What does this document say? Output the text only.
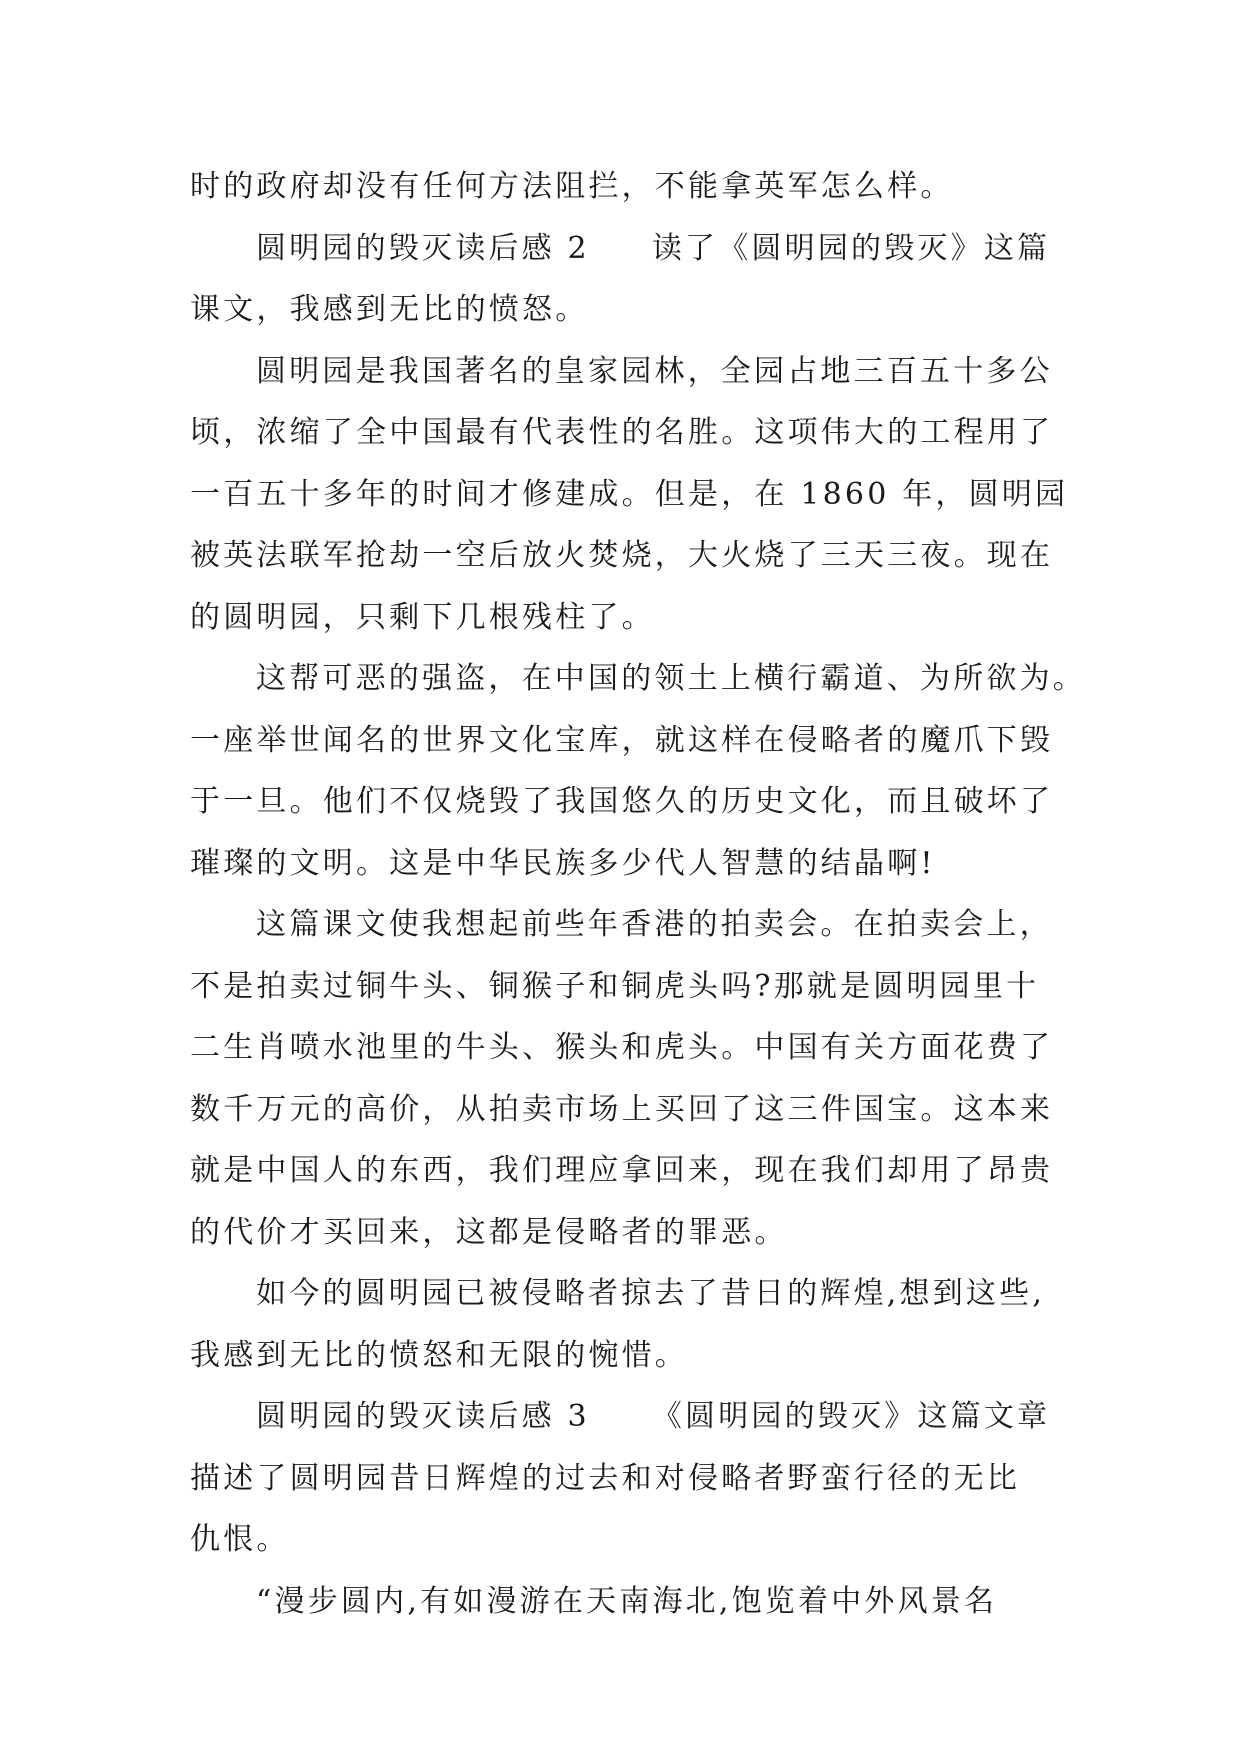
时的政府却没有任何方法阻拦，不能拿英军怎么样。
圆明园的毁灭读后感 2 读了《圆明园的毁灭》这篇
课文，我感到无比的愤怒。
圆明园是我国著名的皇家园林，全园占地三百五十多公
顷，浓缩了全中国最有代表性的名胜。这项伟大的工程用了
一百五十多年的时间才修建成。但是，在 1860 年，圆明园
被英法联军抢劫一空后放火焚烧，大火烧了三天三夜。现在
的圆明园，只剩下几根残柱了。
这帮可恶的强盗，在中国的领土上横行霸道、为所欲为。
一座举世闻名的世界文化宝库，就这样在侵略者的魔爪下毁
于一旦。他们不仅烧毁了我国悠久的历史文化，而且破坏了
璀璨的文明。这是中华民族多少代人智慧的结晶啊!
这篇课文使我想起前些年香港的拍卖会。在拍卖会上，
不是拍卖过铜牛头、铜猴子和铜虎头吗?那就是圆明园里十
二生肖喷水池里的牛头、猴头和虎头。中国有关方面花费了
数千万元的高价，从拍卖市场上买回了这三件国宝。这本来
就是中国人的东西，我们理应拿回来，现在我们却用了昂贵
的代价才买回来，这都是侵略者的罪恶。
如今的圆明园已被侵略者掠去了昔日的辉煌,想到这些,
我感到无比的愤怒和无限的惋惜。
圆明园的毁灭读后感 3 《圆明园的毁灭》这篇文章
描述了圆明园昔日辉煌的过去和对侵略者野蛮行径的无比
仇恨。
“漫步圆内,有如漫游在天南海北,饱览着中外风景名
